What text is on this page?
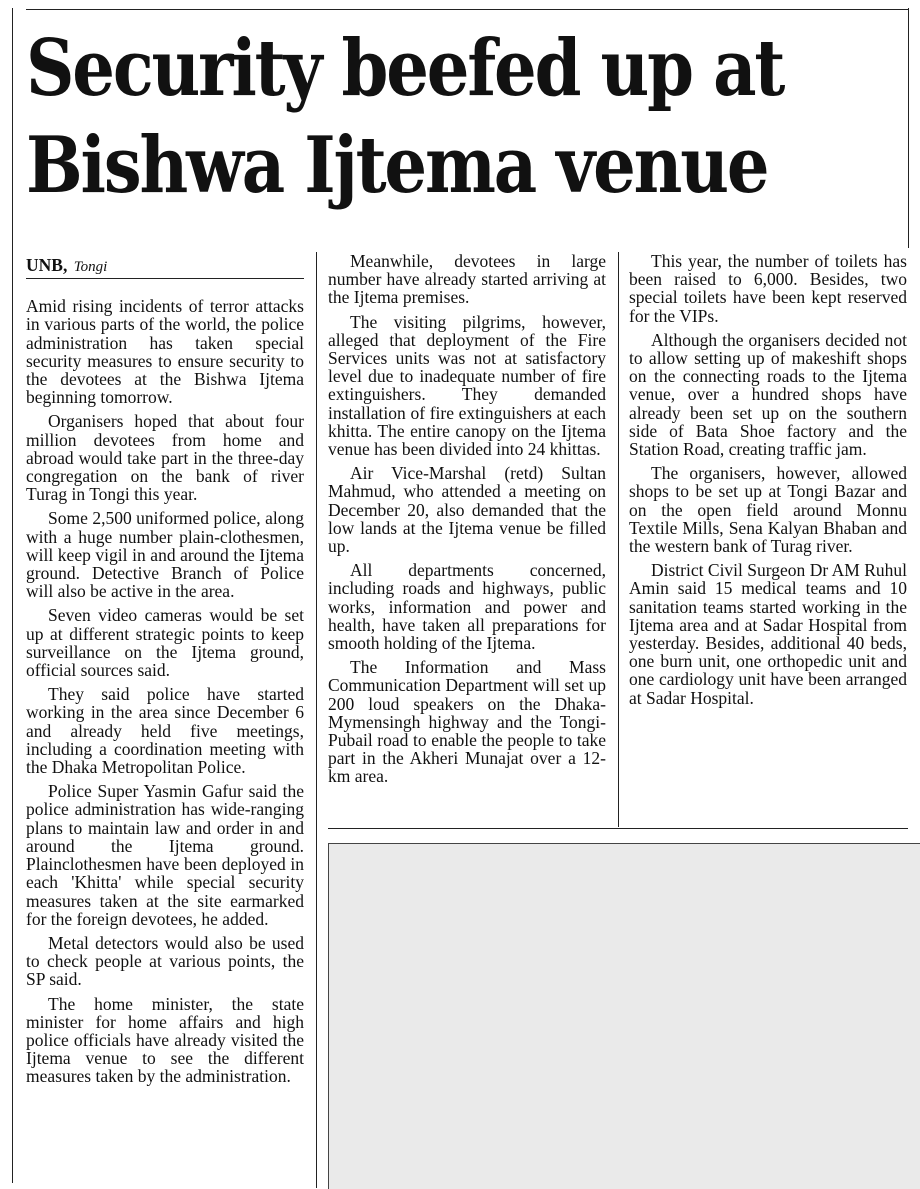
Security beefed up at
Bishwa Ijtema venue
UNB, Tongi

Amid rising incidents of terror attacks in various parts of the world, the police administration has taken special security measures to ensure security to the devotees at the Bishwa Ijtema beginning tomorrow.

Organisers hoped that about four million devotees from home and abroad would take part in the three-day congregation on the bank of river Turag in Tongi this year.

Some 2,500 uniformed police, along with a huge number plain-clothesmen, will keep vigil in and around the Ijtema ground. Detective Branch of Police will also be active in the area.

Seven video cameras would be set up at different strategic points to keep surveillance on the Ijtema ground, official sources said.

They said police have started working in the area since December 6 and already held five meetings, including a coordination meeting with the Dhaka Metropolitan Police.

Police Super Yasmin Gafur said the police administration has wide-ranging plans to maintain law and order in and around the Ijtema ground. Plainclothesmen have been deployed in each 'Khitta' while special security measures taken at the site earmarked for the foreign devotees, he added.

Metal detectors would also be used to check people at various points, the SP said.

The home minister, the state minister for home affairs and high police officials have already visited the Ijtema venue to see the different measures taken by the administration.

Meanwhile, devotees in large number have already started arriving at the Ijtema premises.

The visiting pilgrims, however, alleged that deployment of the Fire Services units was not at satisfactory level due to inadequate number of fire extinguishers. They demanded installation of fire extinguishers at each khitta. The entire canopy on the Ijtema venue has been divided into 24 khittas.

Air Vice-Marshal (retd) Sultan Mahmud, who attended a meeting on December 20, also demanded that the low lands at the Ijtema venue be filled up.

All departments concerned, including roads and highways, public works, information and power and health, have taken all preparations for smooth holding of the Ijtema.

The Information and Mass Communication Department will set up 200 loud speakers on the Dhaka-Mymensingh highway and the Tongi-Pubail road to enable the people to take part in the Akheri Munajat over a 12-km area.

This year, the number of toilets has been raised to 6,000. Besides, two special toilets have been kept reserved for the VIPs.

Although the organisers decided not to allow setting up of makeshift shops on the connecting roads to the Ijtema venue, over a hundred shops have already been set up on the southern side of Bata Shoe factory and the Station Road, creating traffic jam.

The organisers, however, allowed shops to be set up at Tongi Bazar and on the open field around Monnu Textile Mills, Sena Kalyan Bhaban and the western bank of Turag river.

District Civil Surgeon Dr AM Ruhul Amin said 15 medical teams and 10 sanitation teams started working in the Ijtema area and at Sadar Hospital from yesterday. Besides, additional 40 beds, one burn unit, one orthopedic unit and one cardiology unit have been arranged at Sadar Hospital.
